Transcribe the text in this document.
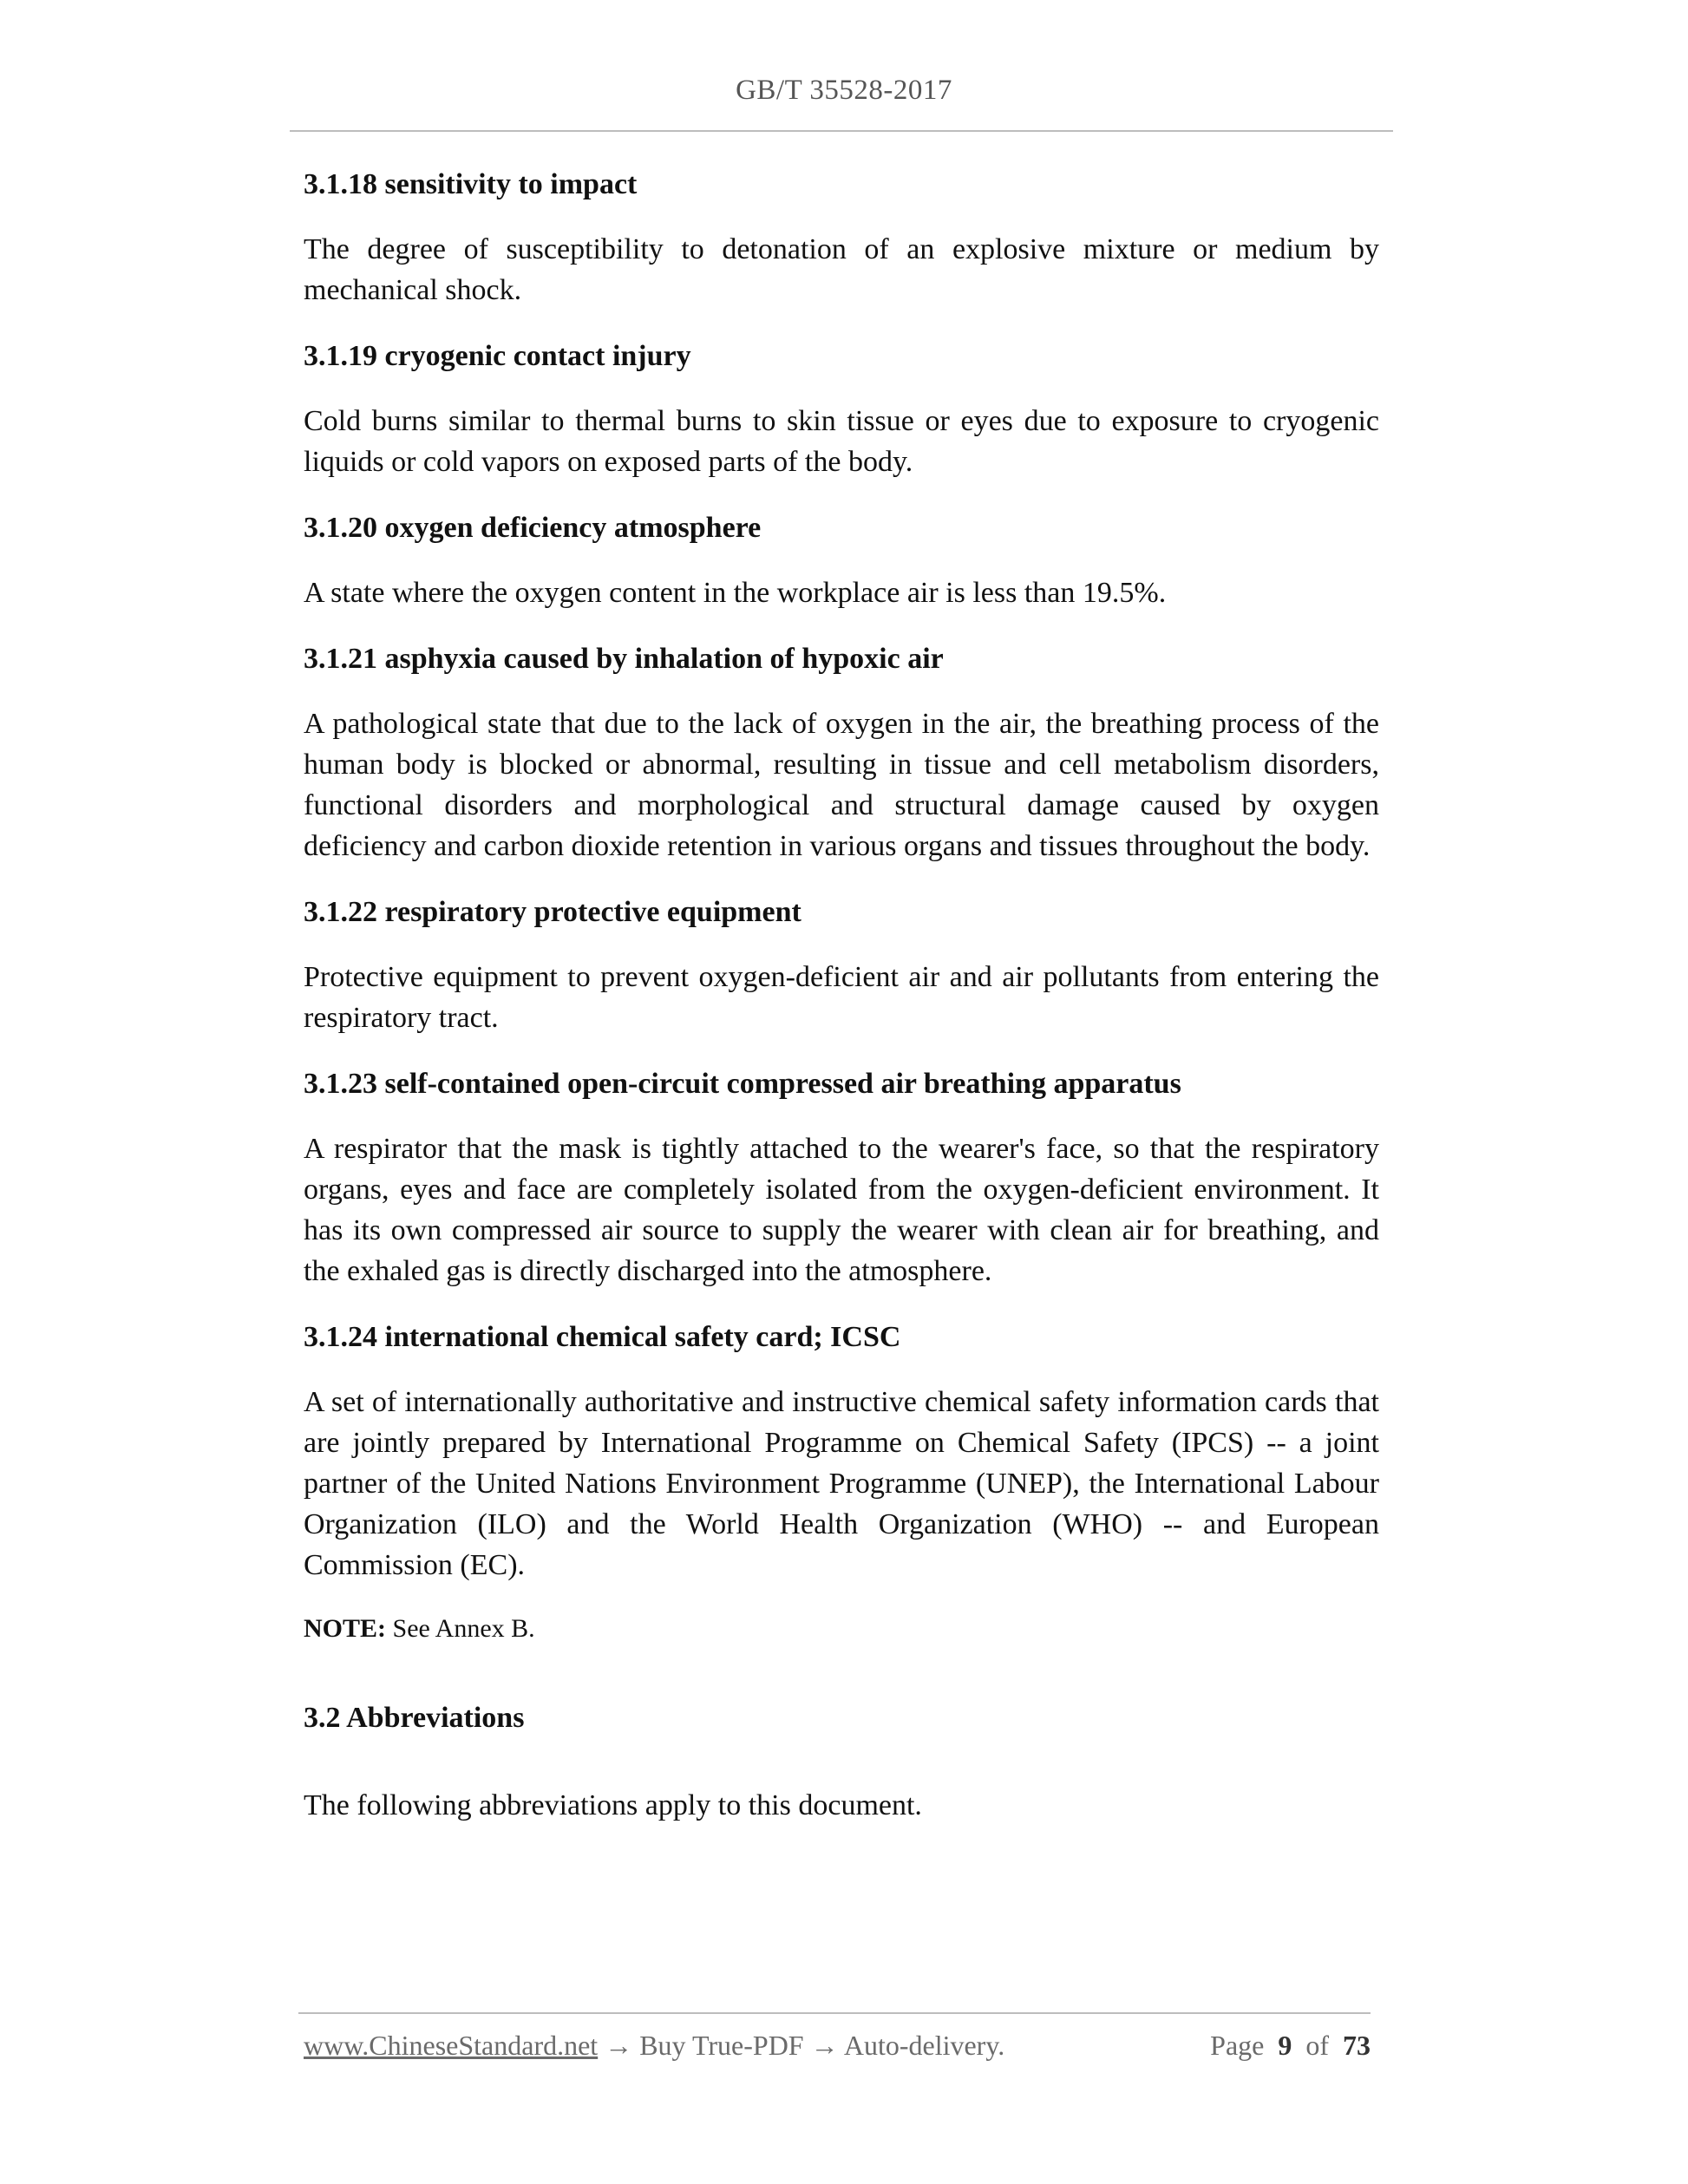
GB/T 35528-2017
3.1.18 sensitivity to impact
The degree of susceptibility to detonation of an explosive mixture or medium by mechanical shock.
3.1.19 cryogenic contact injury
Cold burns similar to thermal burns to skin tissue or eyes due to exposure to cryogenic liquids or cold vapors on exposed parts of the body.
3.1.20 oxygen deficiency atmosphere
A state where the oxygen content in the workplace air is less than 19.5%.
3.1.21 asphyxia caused by inhalation of hypoxic air
A pathological state that due to the lack of oxygen in the air, the breathing process of the human body is blocked or abnormal, resulting in tissue and cell metabolism disorders, functional disorders and morphological and structural damage caused by oxygen deficiency and carbon dioxide retention in various organs and tissues throughout the body.
3.1.22 respiratory protective equipment
Protective equipment to prevent oxygen-deficient air and air pollutants from entering the respiratory tract.
3.1.23 self-contained open-circuit compressed air breathing apparatus
A respirator that the mask is tightly attached to the wearer's face, so that the respiratory organs, eyes and face are completely isolated from the oxygen-deficient environment. It has its own compressed air source to supply the wearer with clean air for breathing, and the exhaled gas is directly discharged into the atmosphere.
3.1.24 international chemical safety card; ICSC
A set of internationally authoritative and instructive chemical safety information cards that are jointly prepared by International Programme on Chemical Safety (IPCS) -- a joint partner of the United Nations Environment Programme (UNEP), the International Labour Organization (ILO) and the World Health Organization (WHO) -- and European Commission (EC).
NOTE: See Annex B.
3.2 Abbreviations
The following abbreviations apply to this document.
www.ChineseStandard.net → Buy True-PDF → Auto-delivery.	Page 9 of 73
